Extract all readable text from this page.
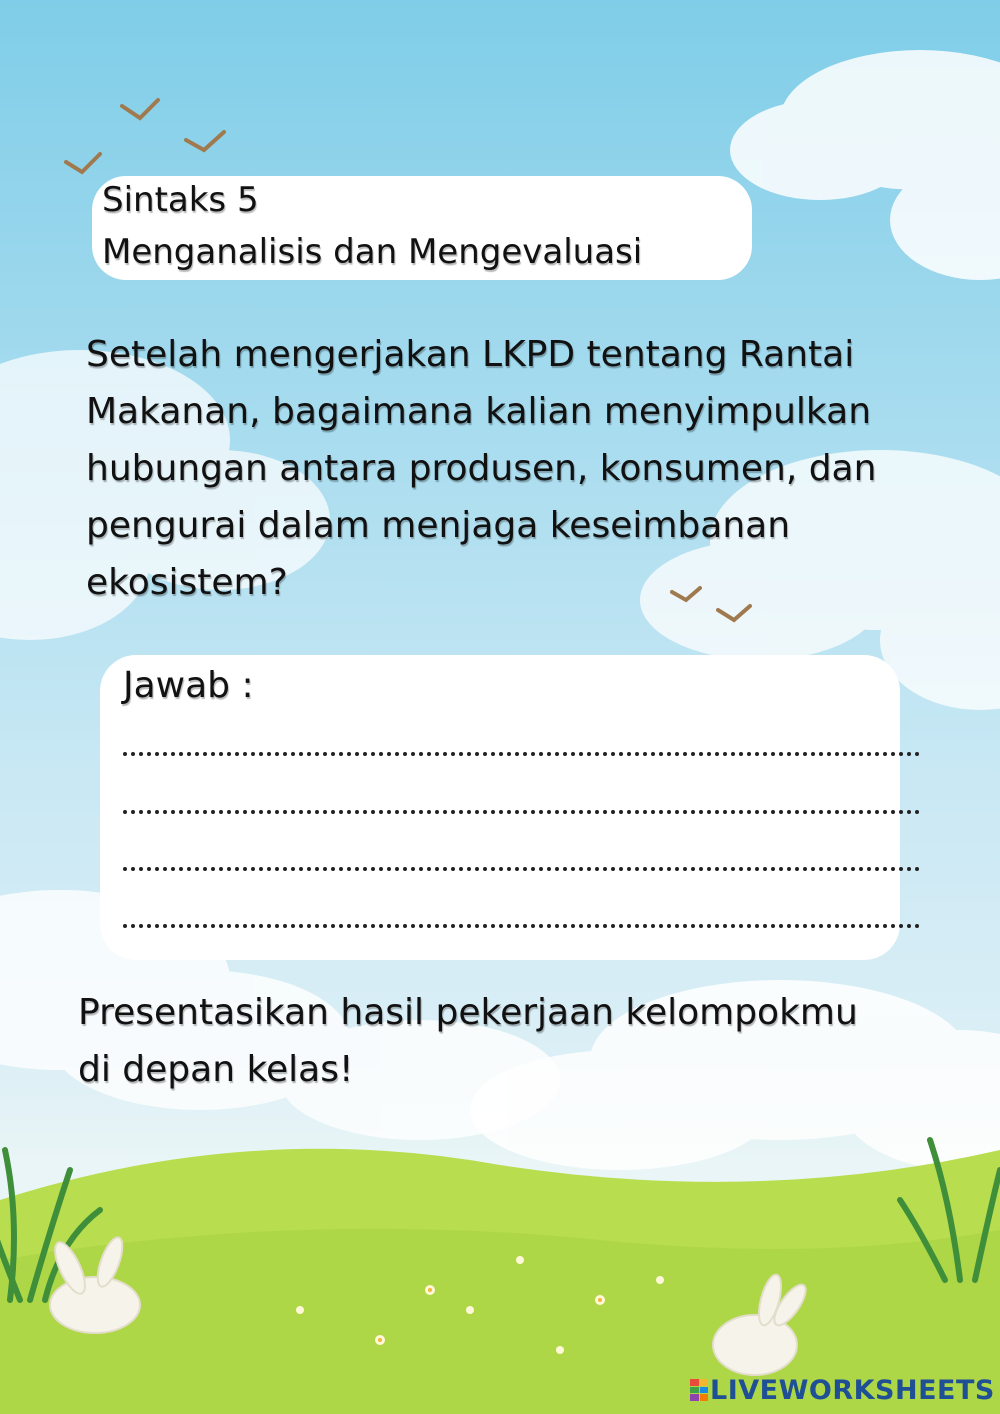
Sintaks 5
Menganalisis dan Mengevaluasi
Setelah mengerjakan LKPD tentang Rantai
Makanan, bagaimana kalian menyimpulkan
hubungan antara produsen, konsumen, dan
pengurai dalam menjaga keseimbanan
ekosistem?
Jawab :
Presentasikan hasil pekerjaan kelompokmu
di depan kelas!
LIVEWORKSHEETS
